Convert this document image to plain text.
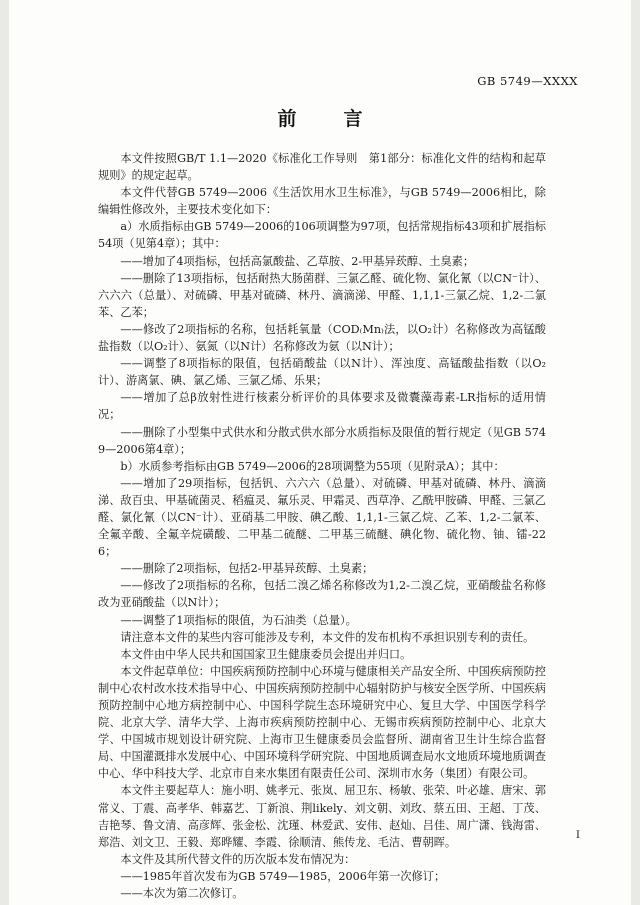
GB 5749—XXXX
前　言

本文件按照GB/T 1.1—2020《标准化工作导则　第1部分：标准化文件的结构和起草规则》的规定起草。

本文件代替GB 5749—2006《生活饮用水卫生标准》，与GB 5749—2006相比，除编辑性修改外，主要技术变化如下：

a）水质指标由GB 5749—2006的106项调整为97项，包括常规指标43项和扩展指标54项（见第4章）；其中：

——增加了4项指标，包括高氯酸盐、乙草胺、2-甲基异莰醇、土臭素；

——删除了13项指标，包括耐热大肠菌群、三氯乙醛、硫化物、氯化氰（以CN⁻计）、六六六（总量）、对硫磷、甲基对硫磷、林丹、滴滴涕、甲醛、1,1,1-三氯乙烷、1,2-二氯苯、乙苯；

——修改了2项指标的名称，包括耗氧量（COD₍Mn₎法，以O₂计）名称修改为高锰酸盐指数（以O₂计）、氨氮（以N计）名称修改为氨（以N计）；

——调整了8项指标的限值，包括硝酸盐（以N计）、浑浊度、高锰酸盐指数（以O₂计）、游离氯、碘、氯乙烯、三氯乙烯、乐果；

——增加了总β放射性进行核素分析评价的具体要求及微囊藻毒素-LR指标的适用情况；

——删除了小型集中式供水和分散式供水部分水质指标及限值的暂行规定（见GB 5749—2006第4章）；

b）水质参考指标由GB 5749—2006的28项调整为55项（见附录A）；其中：

——增加了29项指标，包括钒、六六六（总量）、对硫磷、甲基对硫磷、林丹、滴滴涕、敌百虫、甲基硫菌灵、稻瘟灵、氟乐灵、甲霜灵、西草净、乙酰甲胺磷、甲醛、三氯乙醛、氯化氰（以CN⁻计）、亚硝基二甲胺、碘乙酸、1,1,1-三氯乙烷、乙苯、1,2-二氯苯、全氟辛酸、全氟辛烷磺酸、二甲基二硫醚、二甲基三硫醚、碘化物、硫化物、铀、镭-226；

——删除了2项指标，包括2-甲基异莰醇、土臭素；

——修改了2项指标的名称，包括二溴乙烯名称修改为1,2-二溴乙烷，亚硝酸盐名称修改为亚硝酸盐（以N计）；

——调整了1项指标的限值，为石油类（总量）。

请注意本文件的某些内容可能涉及专利，本文件的发布机构不承担识别专利的责任。

本文件由中华人民共和国国家卫生健康委员会提出并归口。

本文件起草单位：中国疾病预防控制中心环境与健康相关产品安全所、中国疾病预防控制中心农村改水技术指导中心、中国疾病预防控制中心辐射防护与核安全医学所、中国疾病预防控制中心地方病控制中心、中国科学院生态环境研究中心、复旦大学、中国医学科学院、北京大学、清华大学、上海市疾病预防控制中心、无锡市疾病预防控制中心、北京大学、中国城市规划设计研究院、上海市卫生健康委员会监督所、湖南省卫生计生综合监督局、中国灌溉排水发展中心、中国环境科学研究院、中国地质调查局水文地质环境地质调查中心、华中科技大学、北京市自来水集团有限责任公司、深圳市水务（集团）有限公司。

本文件主要起草人：施小明、姚孝元、张岚、屈卫东、杨敏、张荣、叶必雄、唐宋、郭常义、丁震、高孝华、韩嘉艺、丁新浪、荆likely、刘文朝、刘玫、蔡五田、王超、丁茂、吉艳琴、鲁文清、高彦辉、张金松、沈瑾、林爱武、安伟、赵灿、吕佳、周广潇、钱海雷、郑浩、刘文卫、王毅、郑晔耀、李霞、徐顺清、熊传龙、毛洁、曹朝晖。

本文件及其所代替文件的历次版本发布情况为：

——1985年首次发布为GB 5749—1985，2006年第一次修订；

——本次为第二次修订。

I
